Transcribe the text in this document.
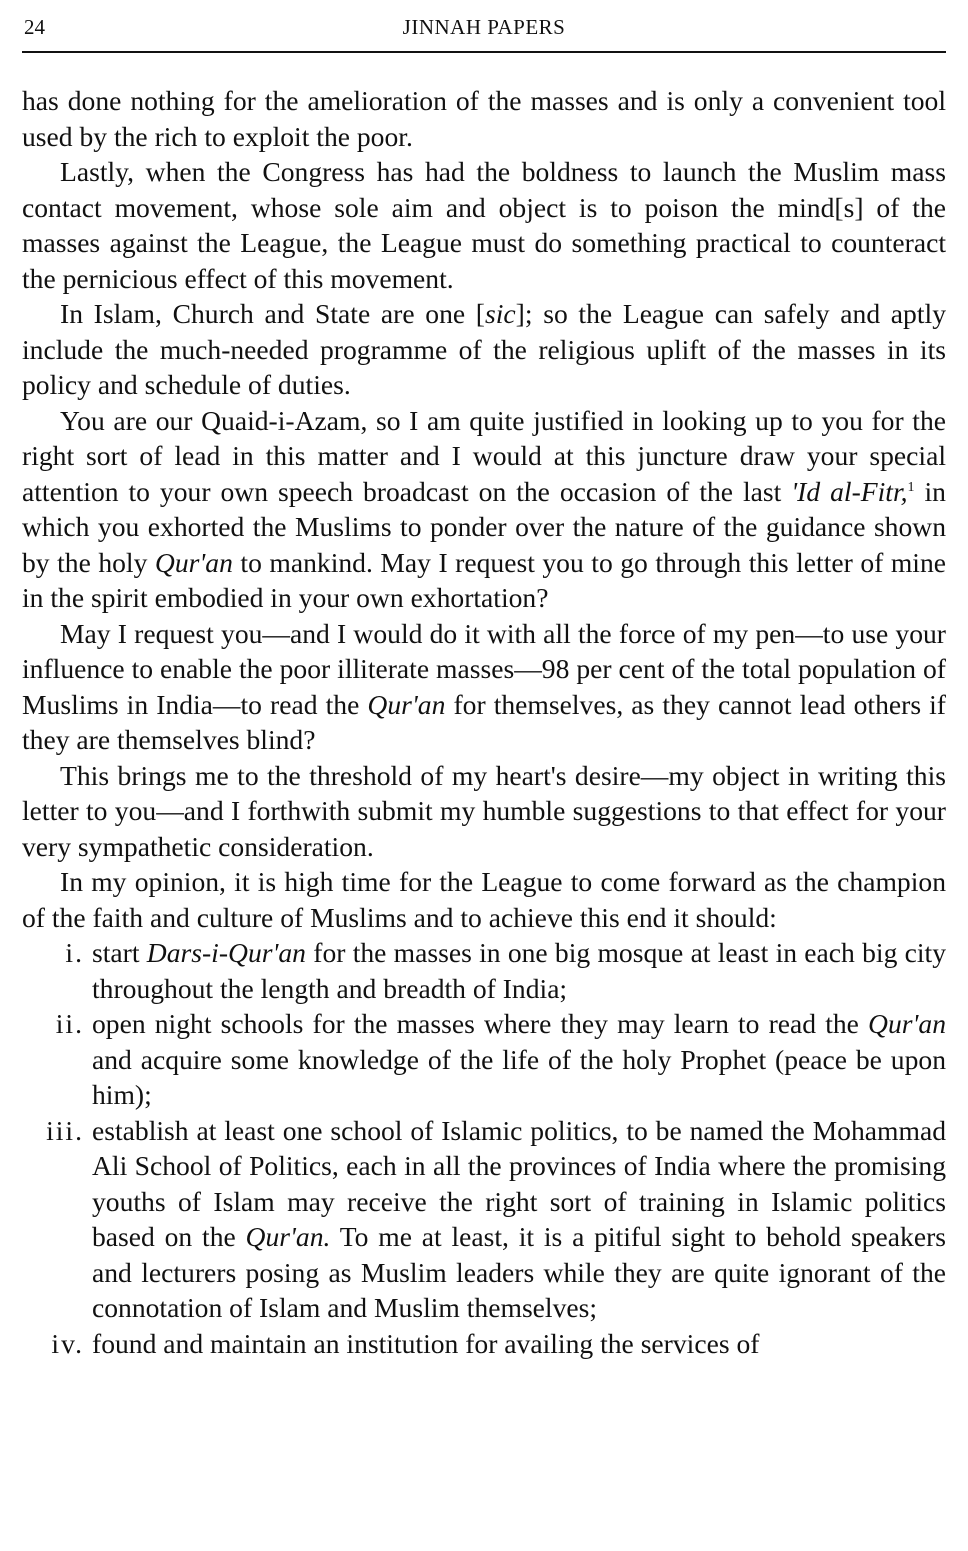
24	JINNAH PAPERS

has done nothing for the amelioration of the masses and is only a convenient tool used by the rich to exploit the poor.

Lastly, when the Congress has had the boldness to launch the Muslim mass contact movement, whose sole aim and object is to poison the mind[s] of the masses against the League, the League must do something practical to counteract the pernicious effect of this movement.

In Islam, Church and State are one [sic]; so the League can safely and aptly include the much-needed programme of the religious uplift of the masses in its policy and schedule of duties.

You are our Quaid-i-Azam, so I am quite justified in looking up to you for the right sort of lead in this matter and I would at this juncture draw your special attention to your own speech broadcast on the occasion of the last 'Id al-Fitr,$^1$ in which you exhorted the Muslims to ponder over the nature of the guidance shown by the holy Qur'an to mankind. May I request you to go through this letter of mine in the spirit embodied in your own exhortation?

May I request you—and I would do it with all the force of my pen—to use your influence to enable the poor illiterate masses—98 per cent of the total population of Muslims in India—to read the Qur'an for themselves, as they cannot lead others if they are themselves blind?

This brings me to the threshold of my heart's desire—my object in writing this letter to you—and I forthwith submit my humble suggestions to that effect for your very sympathetic consideration.

In my opinion, it is high time for the League to come forward as the champion of the faith and culture of Muslims and to achieve this end it should:

i. start Dars-i-Qur'an for the masses in one big mosque at least in each big city throughout the length and breadth of India;
ii. open night schools for the masses where they may learn to read the Qur'an and acquire some knowledge of the life of the holy Prophet (peace be upon him);
iii. establish at least one school of Islamic politics, to be named the Mohammad Ali School of Politics, each in all the provinces of India where the promising youths of Islam may receive the right sort of training in Islamic politics based on the Qur'an. To me at least, it is a pitiful sight to behold speakers and lecturers posing as Muslim leaders while they are quite ignorant of the connotation of Islam and Muslim themselves;
iv. found and maintain an institution for availing the services of
